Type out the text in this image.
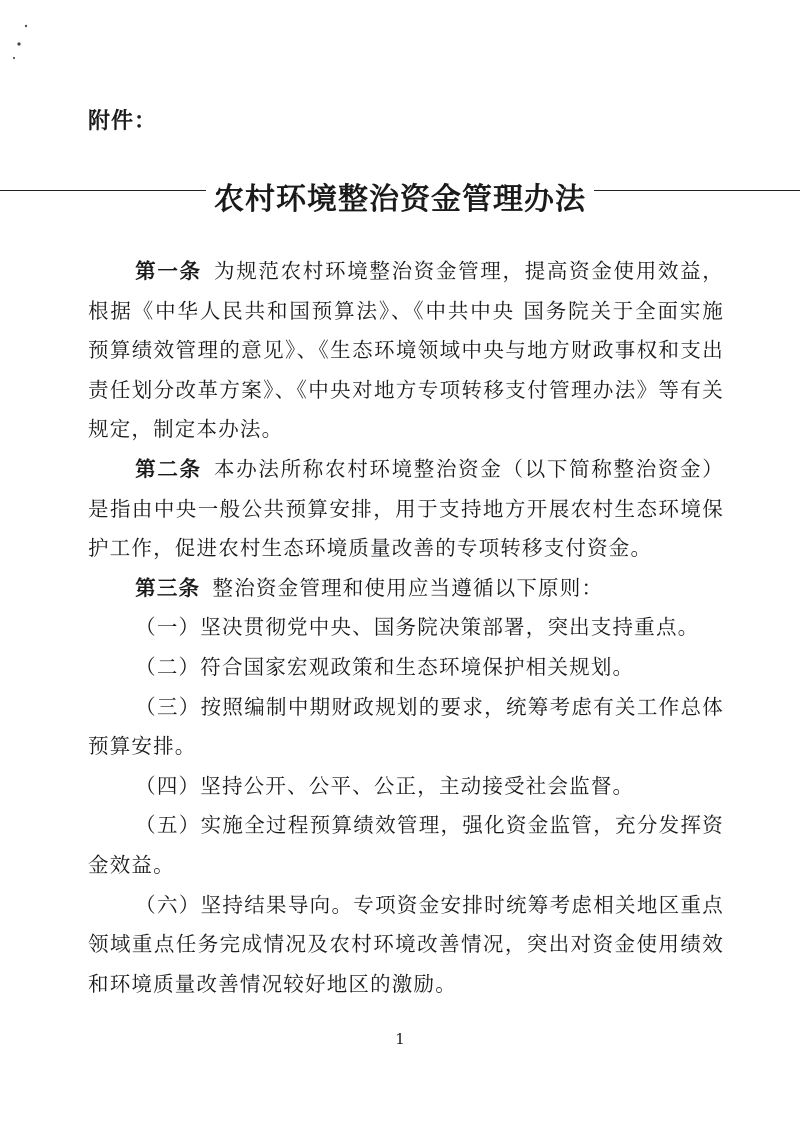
附件：
农村环境整治资金管理办法

第一条 为规范农村环境整治资金管理，提高资金使用效益，根据《中华人民共和国预算法》、《中共中央 国务院关于全面实施预算绩效管理的意见》、《生态环境领域中央与地方财政事权和支出责任划分改革方案》、《中央对地方专项转移支付管理办法》等有关规定，制定本办法。

第二条 本办法所称农村环境整治资金（以下简称整治资金）是指由中央一般公共预算安排，用于支持地方开展农村生态环境保护工作，促进农村生态环境质量改善的专项转移支付资金。

第三条 整治资金管理和使用应当遵循以下原则：

（一）坚决贯彻党中央、国务院决策部署，突出支持重点。

（二）符合国家宏观政策和生态环境保护相关规划。

（三）按照编制中期财政规划的要求，统筹考虑有关工作总体预算安排。

（四）坚持公开、公平、公正，主动接受社会监督。

（五）实施全过程预算绩效管理，强化资金监管，充分发挥资金效益。

（六）坚持结果导向。专项资金安排时统筹考虑相关地区重点领域重点任务完成情况及农村环境改善情况，突出对资金使用绩效和环境质量改善情况较好地区的激励。

1
